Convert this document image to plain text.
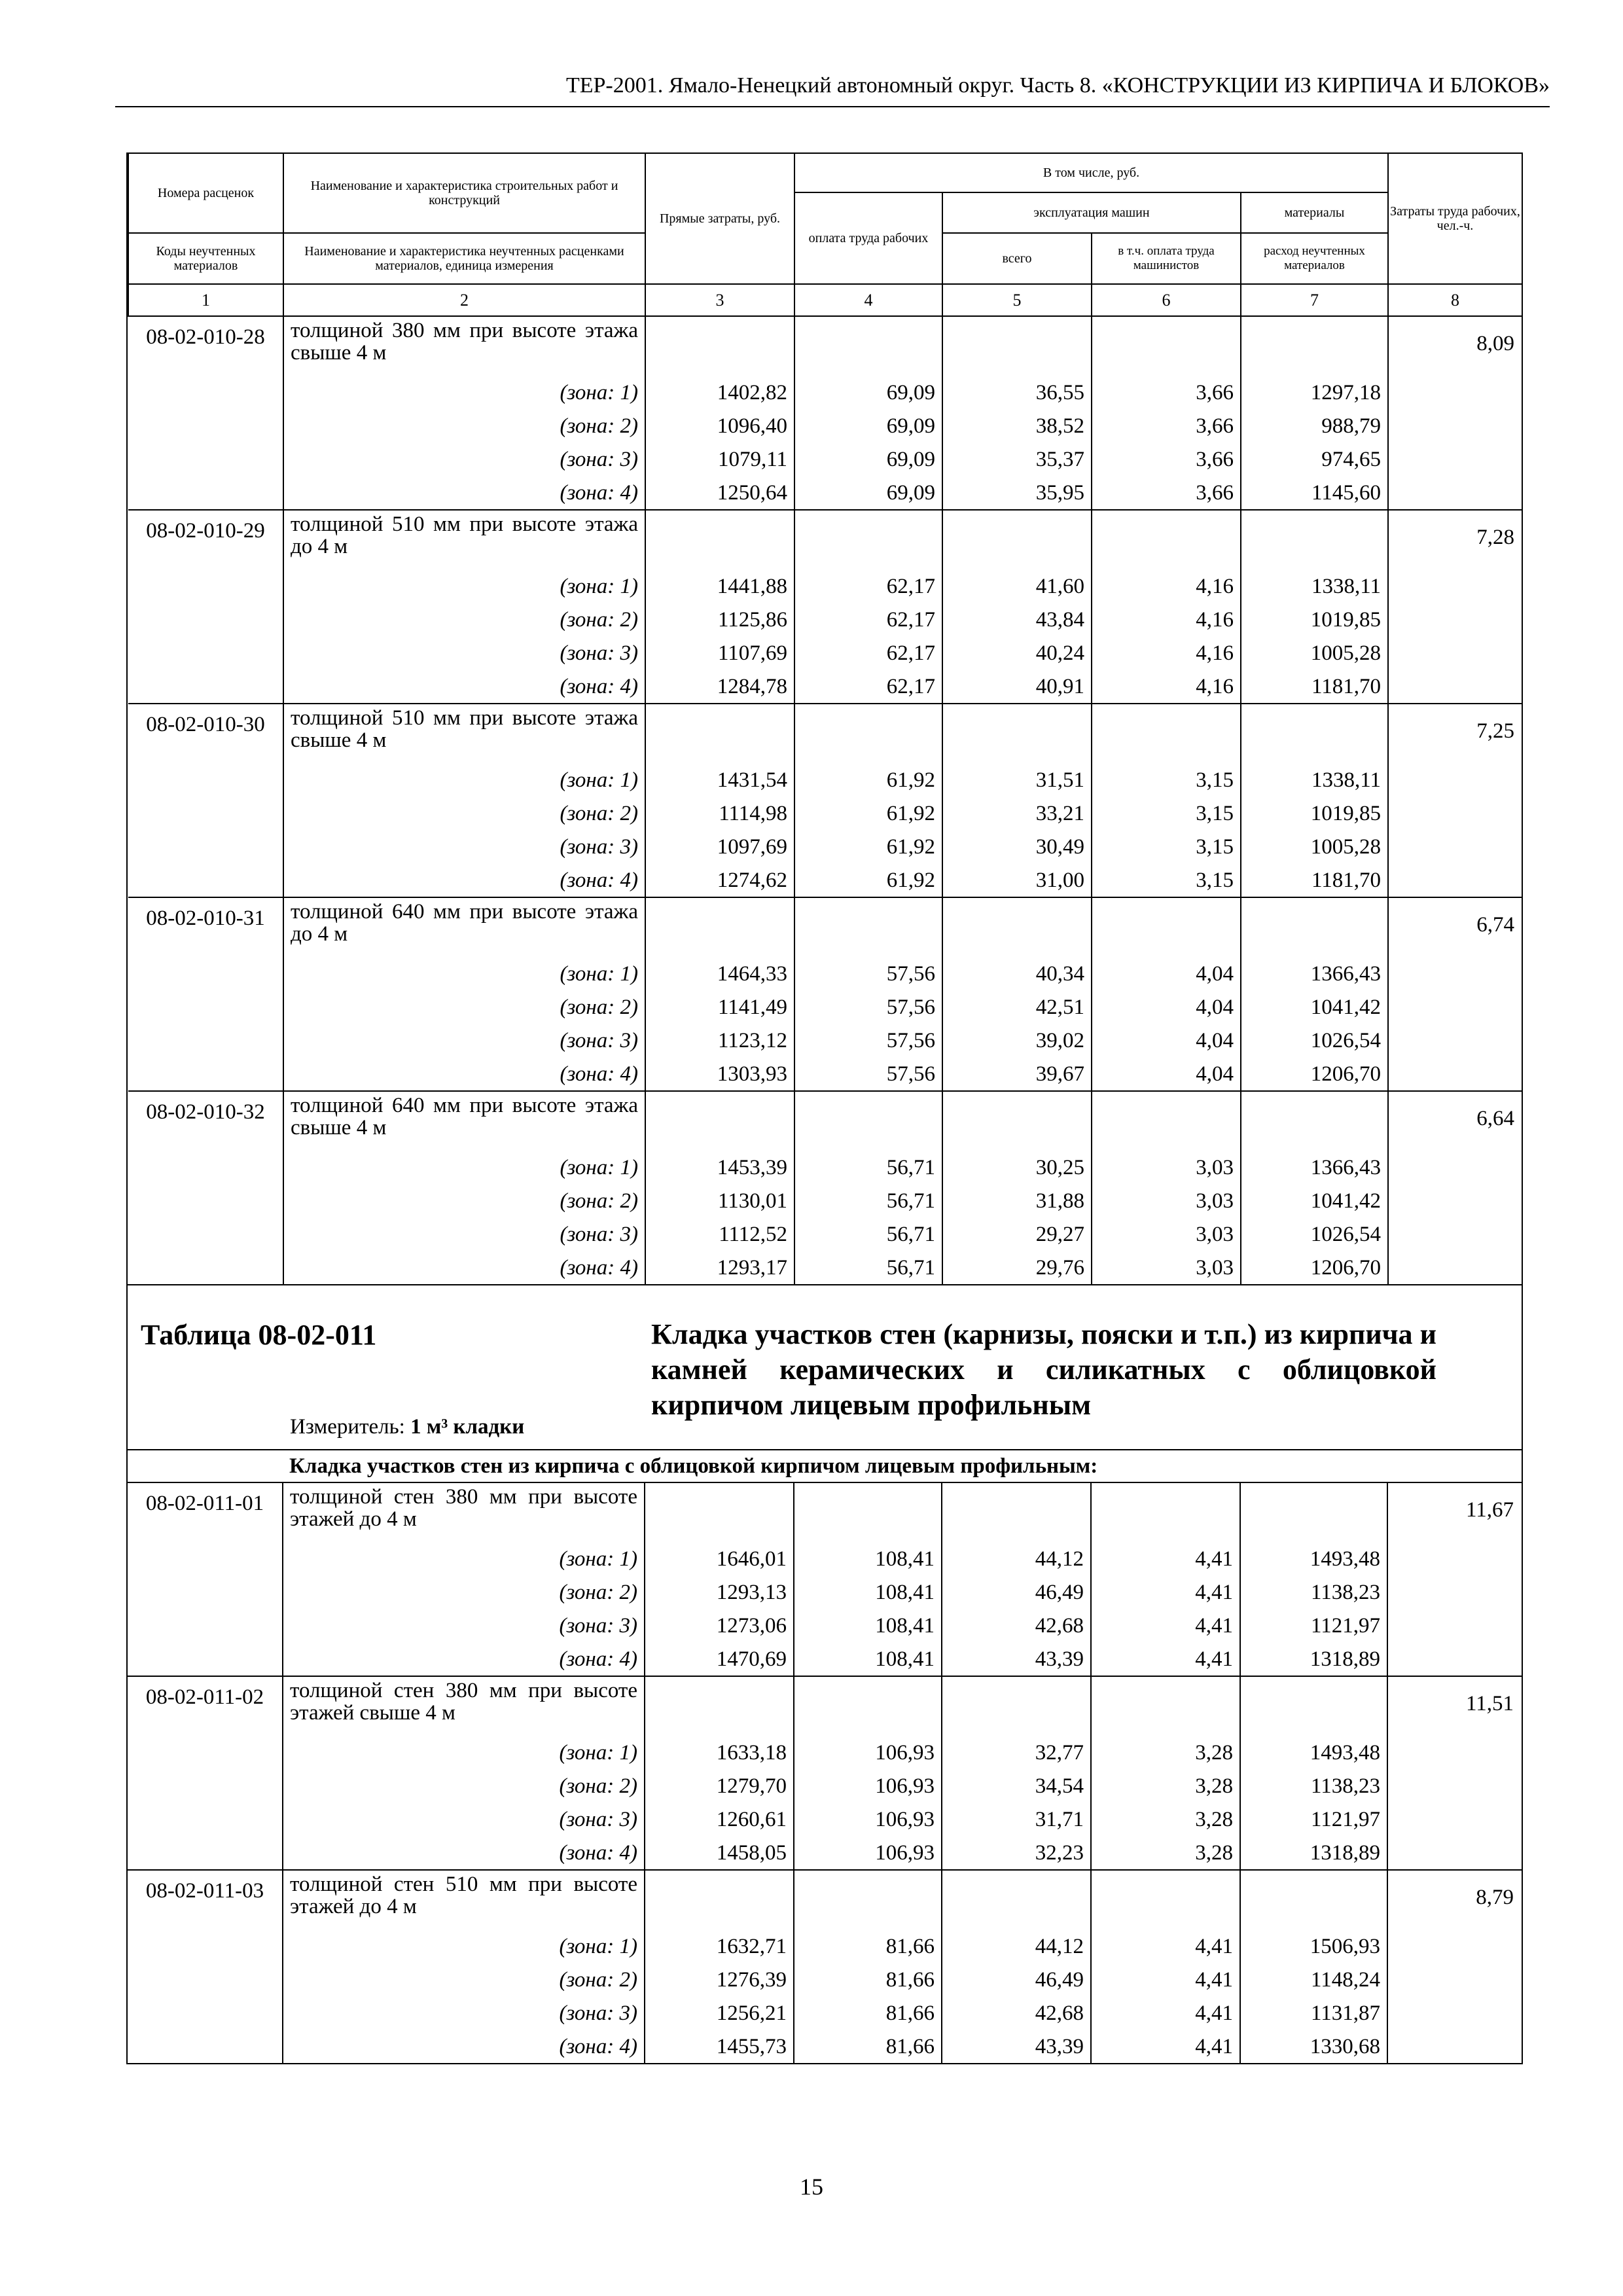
ТЕР-2001. Ямало-Ненецкий автономный округ. Часть 8. «КОНСТРУКЦИИ ИЗ КИРПИЧА И БЛОКОВ»
Номера расценок	Наименование и характеристика строительных работ и конструкций	Прямые затраты, руб.	В том числе, руб.				Затраты труда рабочих, чел.-ч.
			оплата труда рабочих	эксплуатация машин		материалы	
Коды неучтенных материалов	Наименование и характеристика неучтенных расценками материалов, единица измерения			всего	в т.ч. оплата труда машинистов	расход неучтенных материалов	

1	2	3	4	5	6	7	8
08-02-010-28	толщиной 380 мм при высоте этажа свыше 4 м						8,09
	(зона: 1)	1402,82	69,09	36,55	3,66	1297,18	
	(зона: 2)	1096,40	69,09	38,52	3,66	988,79	
	(зона: 3)	1079,11	69,09	35,37	3,66	974,65	
	(зона: 4)	1250,64	69,09	35,95	3,66	1145,60	
08-02-010-29	толщиной 510 мм при высоте этажа до 4 м						7,28
	(зона: 1)	1441,88	62,17	41,60	4,16	1338,11	
	(зона: 2)	1125,86	62,17	43,84	4,16	1019,85	
	(зона: 3)	1107,69	62,17	40,24	4,16	1005,28	
	(зона: 4)	1284,78	62,17	40,91	4,16	1181,70	
08-02-010-30	толщиной 510 мм при высоте этажа свыше 4 м						7,25
	(зона: 1)	1431,54	61,92	31,51	3,15	1338,11	
	(зона: 2)	1114,98	61,92	33,21	3,15	1019,85	
	(зона: 3)	1097,69	61,92	30,49	3,15	1005,28	
	(зона: 4)	1274,62	61,92	31,00	3,15	1181,70	
08-02-010-31	толщиной 640 мм при высоте этажа до 4 м						6,74
	(зона: 1)	1464,33	57,56	40,34	4,04	1366,43	
	(зона: 2)	1141,49	57,56	42,51	4,04	1041,42	
	(зона: 3)	1123,12	57,56	39,02	4,04	1026,54	
	(зона: 4)	1303,93	57,56	39,67	4,04	1206,70	
08-02-010-32	толщиной 640 мм при высоте этажа свыше 4 м						6,64
	(зона: 1)	1453,39	56,71	30,25	3,03	1366,43	
	(зона: 2)	1130,01	56,71	31,88	3,03	1041,42	
	(зона: 3)	1112,52	56,71	29,27	3,03	1026,54	
	(зона: 4)	1293,17	56,71	29,76	3,03	1206,70	
Таблица 08-02-011 Кладка участков стен (карнизы, пояски и т.п.) из кирпича и камней керамических и силикатных с облицовкой кирпичом лицевым профильным
Измеритель: 1 м³ кладки							

	Кладка участков стен из кирпича с облицовкой кирпичом лицевым профильным:						
08-02-011-01	толщиной стен 380 мм при высоте этажей до 4 м						11,67
	(зона: 1)	1646,01	108,41	44,12	4,41	1493,48	
	(зона: 2)	1293,13	108,41	46,49	4,41	1138,23	
	(зона: 3)	1273,06	108,41	42,68	4,41	1121,97	
	(зона: 4)	1470,69	108,41	43,39	4,41	1318,89	
08-02-011-02	толщиной стен 380 мм при высоте этажей свыше 4 м						11,51
	(зона: 1)	1633,18	106,93	32,77	3,28	1493,48	
	(зона: 2)	1279,70	106,93	34,54	3,28	1138,23	
	(зона: 3)	1260,61	106,93	31,71	3,28	1121,97	
	(зона: 4)	1458,05	106,93	32,23	3,28	1318,89	
08-02-011-03	толщиной стен 510 мм при высоте этажей до 4 м						8,79
	(зона: 1)	1632,71	81,66	44,12	4,41	1506,93	
	(зона: 2)	1276,39	81,66	46,49	4,41	1148,24	
	(зона: 3)	1256,21	81,66	42,68	4,41	1131,87	
	(зона: 4)	1455,73	81,66	43,39	4,41	1330,68	
15
